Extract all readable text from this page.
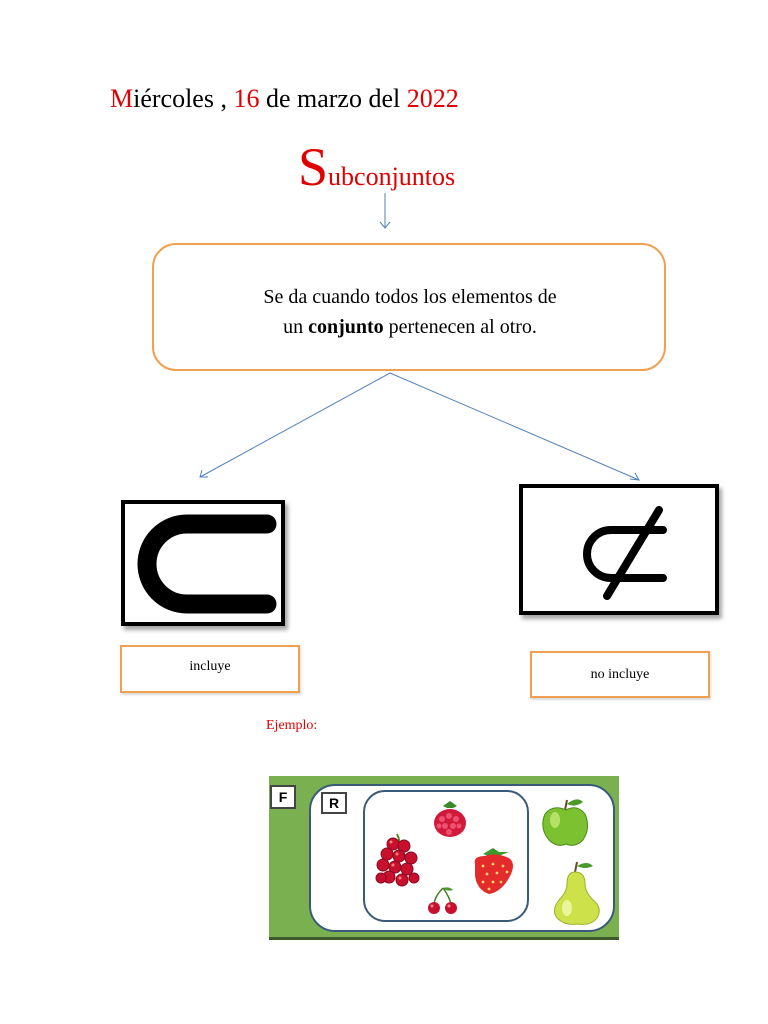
Miércoles , 16 de marzo del 2022
Subconjuntos
Se da cuando todos los elementos de
un conjunto pertenecen al otro.
incluye	no incluye
Ejemplo:
F	R
